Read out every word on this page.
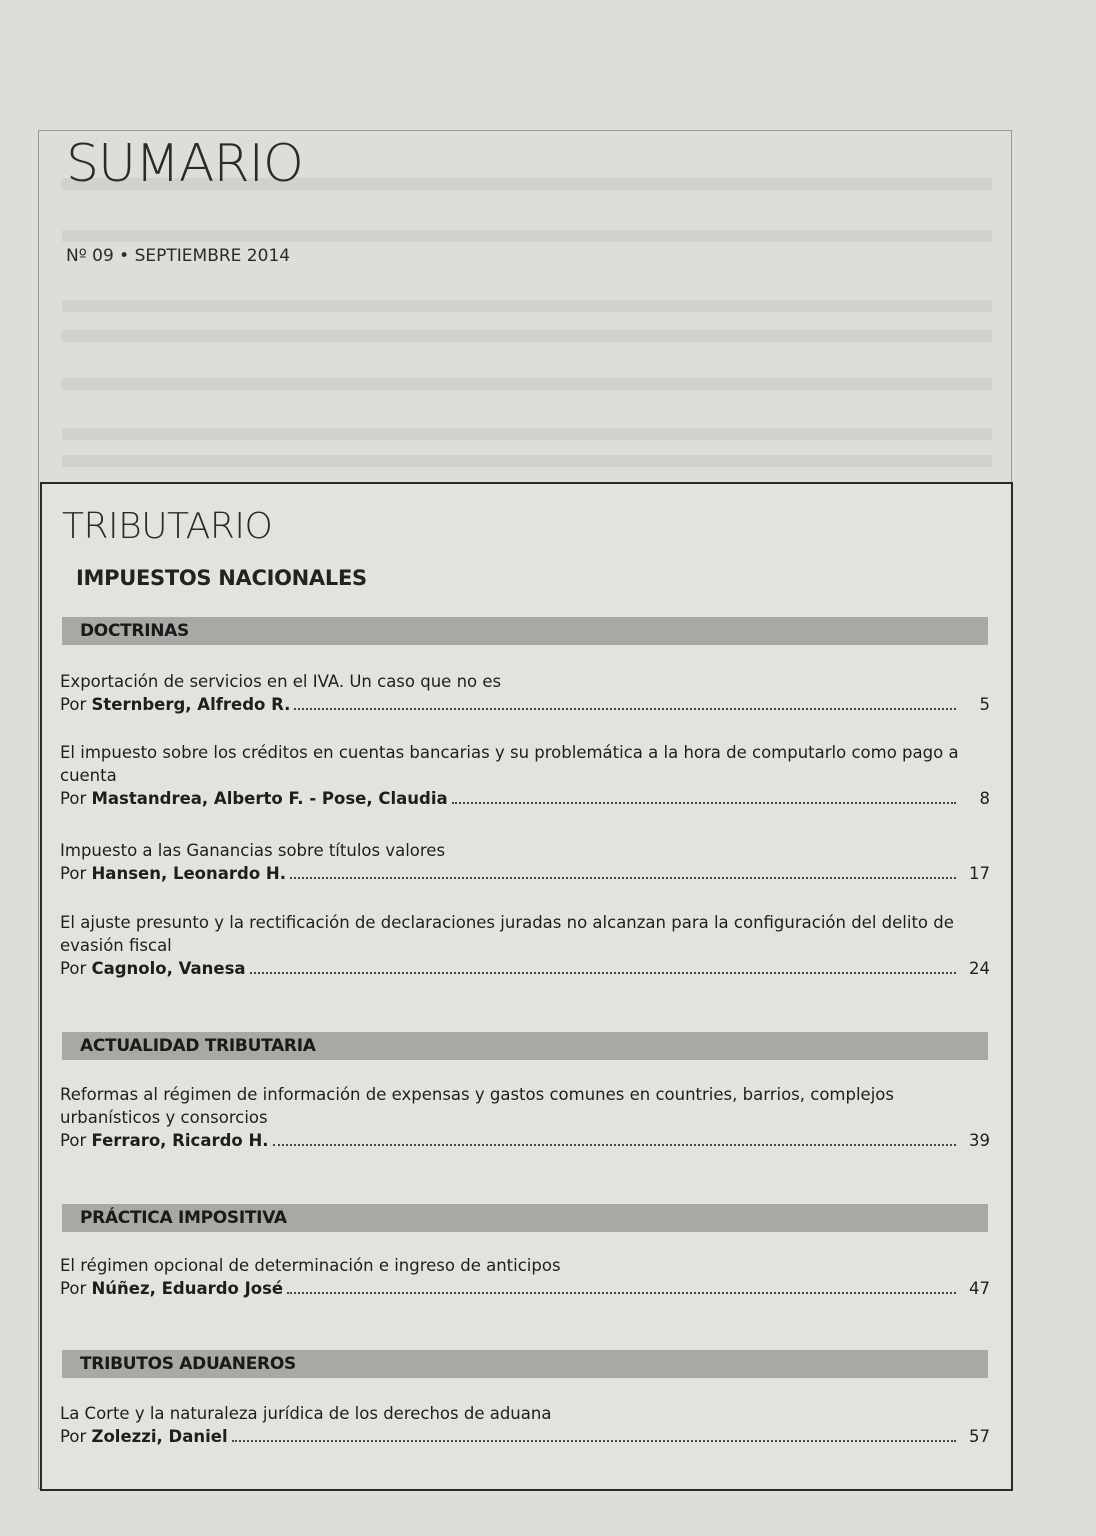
SUMARIO
Nº 09 • SEPTIEMBRE 2014
TRIBUTARIO
IMPUESTOS NACIONALES
DOCTRINAS
Exportación de servicios en el IVA. Un caso que no es
Por Sternberg, Alfredo R.	5
El impuesto sobre los créditos en cuentas bancarias y su problemática a la hora de computarlo como pago a cuenta
Por Mastandrea, Alberto F. - Pose, Claudia	8
Impuesto a las Ganancias sobre títulos valores
Por Hansen, Leonardo H.	17
El ajuste presunto y la rectificación de declaraciones juradas no alcanzan para la configuración del delito de evasión fiscal
Por Cagnolo, Vanesa	24
ACTUALIDAD TRIBUTARIA
Reformas al régimen de información de expensas y gastos comunes en countries, barrios, complejos urbanísticos y consorcios
Por Ferraro, Ricardo H.	39
PRÁCTICA IMPOSITIVA
El régimen opcional de determinación e ingreso de anticipos
Por Núñez, Eduardo José	47
TRIBUTOS ADUANEROS
La Corte y la naturaleza jurídica de los derechos de aduana
Por Zolezzi, Daniel	57
